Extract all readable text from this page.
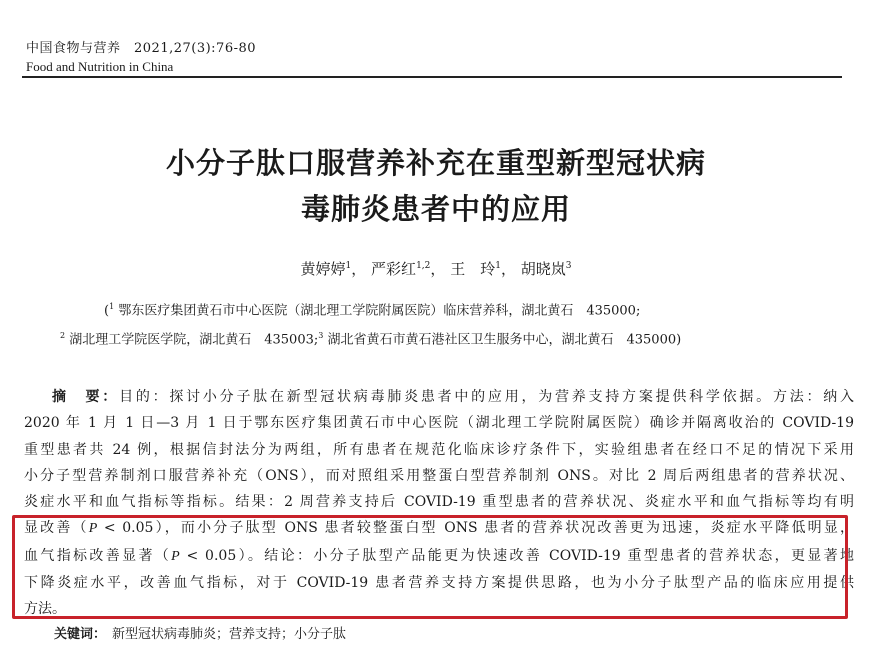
中国食物与营养　2021,27(3):76-80
Food and Nutrition in China
小分子肽口服营养补充在重型新型冠状病
毒肺炎患者中的应用
黄婷婷$^1$， 严彩红$^{1,2}$， 王　玲$^1$， 胡晓岚$^3$
($^1$ 鄂东医疗集团黄石市中心医院（湖北理工学院附属医院）临床营养科，湖北黄石　435000;
$^2$ 湖北理工学院医学院，湖北黄石　435003;$^3$ 湖北省黄石市黄石港社区卫生服务中心，湖北黄石　435000)
摘　要：目的：探讨小分子肽在新型冠状病毒肺炎患者中的应用，为营养支持方案提供科学依据。方法：纳入
2020 年 1 月 1 日—3 月 1 日于鄂东医疗集团黄石市中心医院（湖北理工学院附属医院）确诊并隔离收治的 COVID-19
重型患者共 24 例，根据信封法分为两组，所有患者在规范化临床诊疗条件下，实验组患者在经口不足的情况下采用
小分子型营养制剂口服营养补充（ONS），而对照组采用整蛋白型营养制剂 ONS。对比 2 周后两组患者的营养状况、
炎症水平和血气指标等指标。结果：2 周营养支持后 COVID-19 重型患者的营养状况、炎症水平和血气指标等均有明
显改善（P < 0.05），而小分子肽型 ONS 患者较整蛋白型 ONS 患者的营养状况改善更为迅速，炎症水平降低明显，
血气指标改善显著（P < 0.05）。结论：小分子肽型产品能更为快速改善 COVID-19 重型患者的营养状态，更显著地
下降炎症水平，改善血气指标，对于 COVID-19 患者营养支持方案提供思路，也为小分子肽型产品的临床应用提供
方法。
关键词： 新型冠状病毒肺炎；营养支持；小分子肽
